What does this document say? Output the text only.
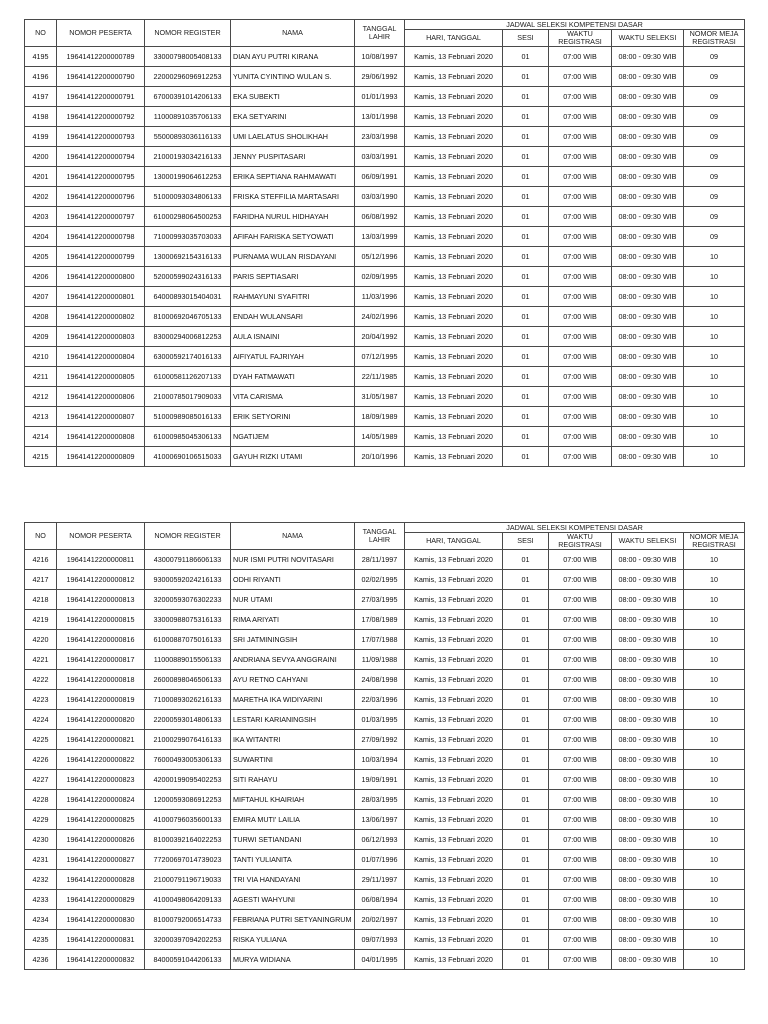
NO	NOMOR PESERTA	NOMOR REGISTER	NAMA	TANGGAL LAHIR	JADWAL SELEKSI KOMPETENSI DASAR				
					HARI, TANGGAL	SESI	WAKTU REGISTRASI	WAKTU SELEKSI	NOMOR MEJA REGISTRASI
4195	19641412200000789	33000798005408133	DIAN AYU PUTRI KIRANA	10/08/1997	Kamis, 13 Februari 2020	01	07:00 WIB	08:00 - 09:30 WIB	09
4196	19641412200000790	22000296096912253	YUNITA CYINTINO WULAN S.	29/06/1992	Kamis, 13 Februari 2020	01	07:00 WIB	08:00 - 09:30 WIB	09
4197	19641412200000791	67000391014206133	EKA SUBEKTI	01/01/1993	Kamis, 13 Februari 2020	01	07:00 WIB	08:00 - 09:30 WIB	09
4198	19641412200000792	11000891035706133	EKA SETYARINI	13/01/1998	Kamis, 13 Februari 2020	01	07:00 WIB	08:00 - 09:30 WIB	09
4199	19641412200000793	55000893036116133	UMI LAELATUS SHOLIKHAH	23/03/1998	Kamis, 13 Februari 2020	01	07:00 WIB	08:00 - 09:30 WIB	09
4200	19641412200000794	21000193034216133	JENNY PUSPITASARI	03/03/1991	Kamis, 13 Februari 2020	01	07:00 WIB	08:00 - 09:30 WIB	09
4201	19641412200000795	13000199064612253	ERIKA SEPTIANA RAHMAWATI	06/09/1991	Kamis, 13 Februari 2020	01	07:00 WIB	08:00 - 09:30 WIB	09
4202	19641412200000796	51000093034806133	FRISKA STEFFILIA MARTASARI	03/03/1990	Kamis, 13 Februari 2020	01	07:00 WIB	08:00 - 09:30 WIB	09
4203	19641412200000797	61000298064500253	FARIDHA NURUL HIDHAYAH	06/08/1992	Kamis, 13 Februari 2020	01	07:00 WIB	08:00 - 09:30 WIB	09
4204	19641412200000798	71000993035703033	AFIFAH FARISKA SETYOWATI	13/03/1999	Kamis, 13 Februari 2020	01	07:00 WIB	08:00 - 09:30 WIB	09
4205	19641412200000799	13000692154316133	PURNAMA WULAN RISDAYANI	05/12/1996	Kamis, 13 Februari 2020	01	07:00 WIB	08:00 - 09:30 WIB	10
4206	19641412200000800	52000599024316133	PARIS SEPTIASARI	02/09/1995	Kamis, 13 Februari 2020	01	07:00 WIB	08:00 - 09:30 WIB	10
4207	19641412200000801	64000893015404031	RAHMAYUNI SYAFITRI	11/03/1996	Kamis, 13 Februari 2020	01	07:00 WIB	08:00 - 09:30 WIB	10
4208	19641412200000802	81000692046705133	ENDAH WULANSARI	24/02/1996	Kamis, 13 Februari 2020	01	07:00 WIB	08:00 - 09:30 WIB	10
4209	19641412200000803	83000294006812253	AULA ISNAINI	20/04/1992	Kamis, 13 Februari 2020	01	07:00 WIB	08:00 - 09:30 WIB	10
4210	19641412200000804	63000592174016133	AIFIYATUL FAJRIYAH	07/12/1995	Kamis, 13 Februari 2020	01	07:00 WIB	08:00 - 09:30 WIB	10
4211	19641412200000805	61000581126207133	DYAH FATMAWATI	22/11/1985	Kamis, 13 Februari 2020	01	07:00 WIB	08:00 - 09:30 WIB	10
4212	19641412200000806	21000785017909033	VITA CARISMA	31/05/1987	Kamis, 13 Februari 2020	01	07:00 WIB	08:00 - 09:30 WIB	10
4213	19641412200000807	51000989085016133	ERIK SETYORINI	18/09/1989	Kamis, 13 Februari 2020	01	07:00 WIB	08:00 - 09:30 WIB	10
4214	19641412200000808	61000985045306133	NGATIJEM	14/05/1989	Kamis, 13 Februari 2020	01	07:00 WIB	08:00 - 09:30 WIB	10
4215	19641412200000809	41000690106515033	GAYUH RIZKI UTAMI	20/10/1996	Kamis, 13 Februari 2020	01	07:00 WIB	08:00 - 09:30 WIB	10
NO	NOMOR PESERTA	NOMOR REGISTER	NAMA	TANGGAL LAHIR	JADWAL SELEKSI KOMPETENSI DASAR				
					HARI, TANGGAL	SESI	WAKTU REGISTRASI	WAKTU SELEKSI	NOMOR MEJA REGISTRASI
4216	19641412200000811	43000791186606133	NUR ISMI PUTRI NOVITASARI	28/11/1997	Kamis, 13 Februari 2020	01	07:00 WIB	08:00 - 09:30 WIB	10
4217	19641412200000812	93000592024216133	ODHI RIYANTI	02/02/1995	Kamis, 13 Februari 2020	01	07:00 WIB	08:00 - 09:30 WIB	10
4218	19641412200000813	32000593076302233	NUR UTAMI	27/03/1995	Kamis, 13 Februari 2020	01	07:00 WIB	08:00 - 09:30 WIB	10
4219	19641412200000815	33000988075316133	RIMA ARIYATI	17/08/1989	Kamis, 13 Februari 2020	01	07:00 WIB	08:00 - 09:30 WIB	10
4220	19641412200000816	61000887075016133	SRI JATMININGSIH	17/07/1988	Kamis, 13 Februari 2020	01	07:00 WIB	08:00 - 09:30 WIB	10
4221	19641412200000817	11000889015506133	ANDRIANA SEVYA ANGGRAINI	11/09/1988	Kamis, 13 Februari 2020	01	07:00 WIB	08:00 - 09:30 WIB	10
4222	19641412200000818	26000898046506133	AYU RETNO CAHYANI	24/08/1998	Kamis, 13 Februari 2020	01	07:00 WIB	08:00 - 09:30 WIB	10
4223	19641412200000819	71000893026216133	MARETHA IKA WIDIYARINI	22/03/1996	Kamis, 13 Februari 2020	01	07:00 WIB	08:00 - 09:30 WIB	10
4224	19641412200000820	22000593014806133	LESTARI KARIANINGSIH	01/03/1995	Kamis, 13 Februari 2020	01	07:00 WIB	08:00 - 09:30 WIB	10
4225	19641412200000821	21000299076416133	IKA WITANTRI	27/09/1992	Kamis, 13 Februari 2020	01	07:00 WIB	08:00 - 09:30 WIB	10
4226	19641412200000822	76000493005306133	SUWARTINI	10/03/1994	Kamis, 13 Februari 2020	01	07:00 WIB	08:00 - 09:30 WIB	10
4227	19641412200000823	42000199095402253	SITI RAHAYU	19/09/1991	Kamis, 13 Februari 2020	01	07:00 WIB	08:00 - 09:30 WIB	10
4228	19641412200000824	12000593086912253	MIFTAHUL KHAIRIAH	28/03/1995	Kamis, 13 Februari 2020	01	07:00 WIB	08:00 - 09:30 WIB	10
4229	19641412200000825	41000796035600133	EMIRA MUTI' LAILIA	13/06/1997	Kamis, 13 Februari 2020	01	07:00 WIB	08:00 - 09:30 WIB	10
4230	19641412200000826	81000392164022253	TURWI SETIANDANI	06/12/1993	Kamis, 13 Februari 2020	01	07:00 WIB	08:00 - 09:30 WIB	10
4231	19641412200000827	77200697014739023	TANTI YULIANITA	01/07/1996	Kamis, 13 Februari 2020	01	07:00 WIB	08:00 - 09:30 WIB	10
4232	19641412200000828	21000791196719033	TRI VIA HANDAYANI	29/11/1997	Kamis, 13 Februari 2020	01	07:00 WIB	08:00 - 09:30 WIB	10
4233	19641412200000829	41000498064209133	AGESTI WAHYUNI	06/08/1994	Kamis, 13 Februari 2020	01	07:00 WIB	08:00 - 09:30 WIB	10
4234	19641412200000830	81000792006514733	FEBRIANA PUTRI SETYANINGRUM	20/02/1997	Kamis, 13 Februari 2020	01	07:00 WIB	08:00 - 09:30 WIB	10
4235	19641412200000831	32000397094202253	RISKA YULIANA	09/07/1993	Kamis, 13 Februari 2020	01	07:00 WIB	08:00 - 09:30 WIB	10
4236	19641412200000832	84000591044206133	MURYA WIDIANA	04/01/1995	Kamis, 13 Februari 2020	01	07:00 WIB	08:00 - 09:30 WIB	10
